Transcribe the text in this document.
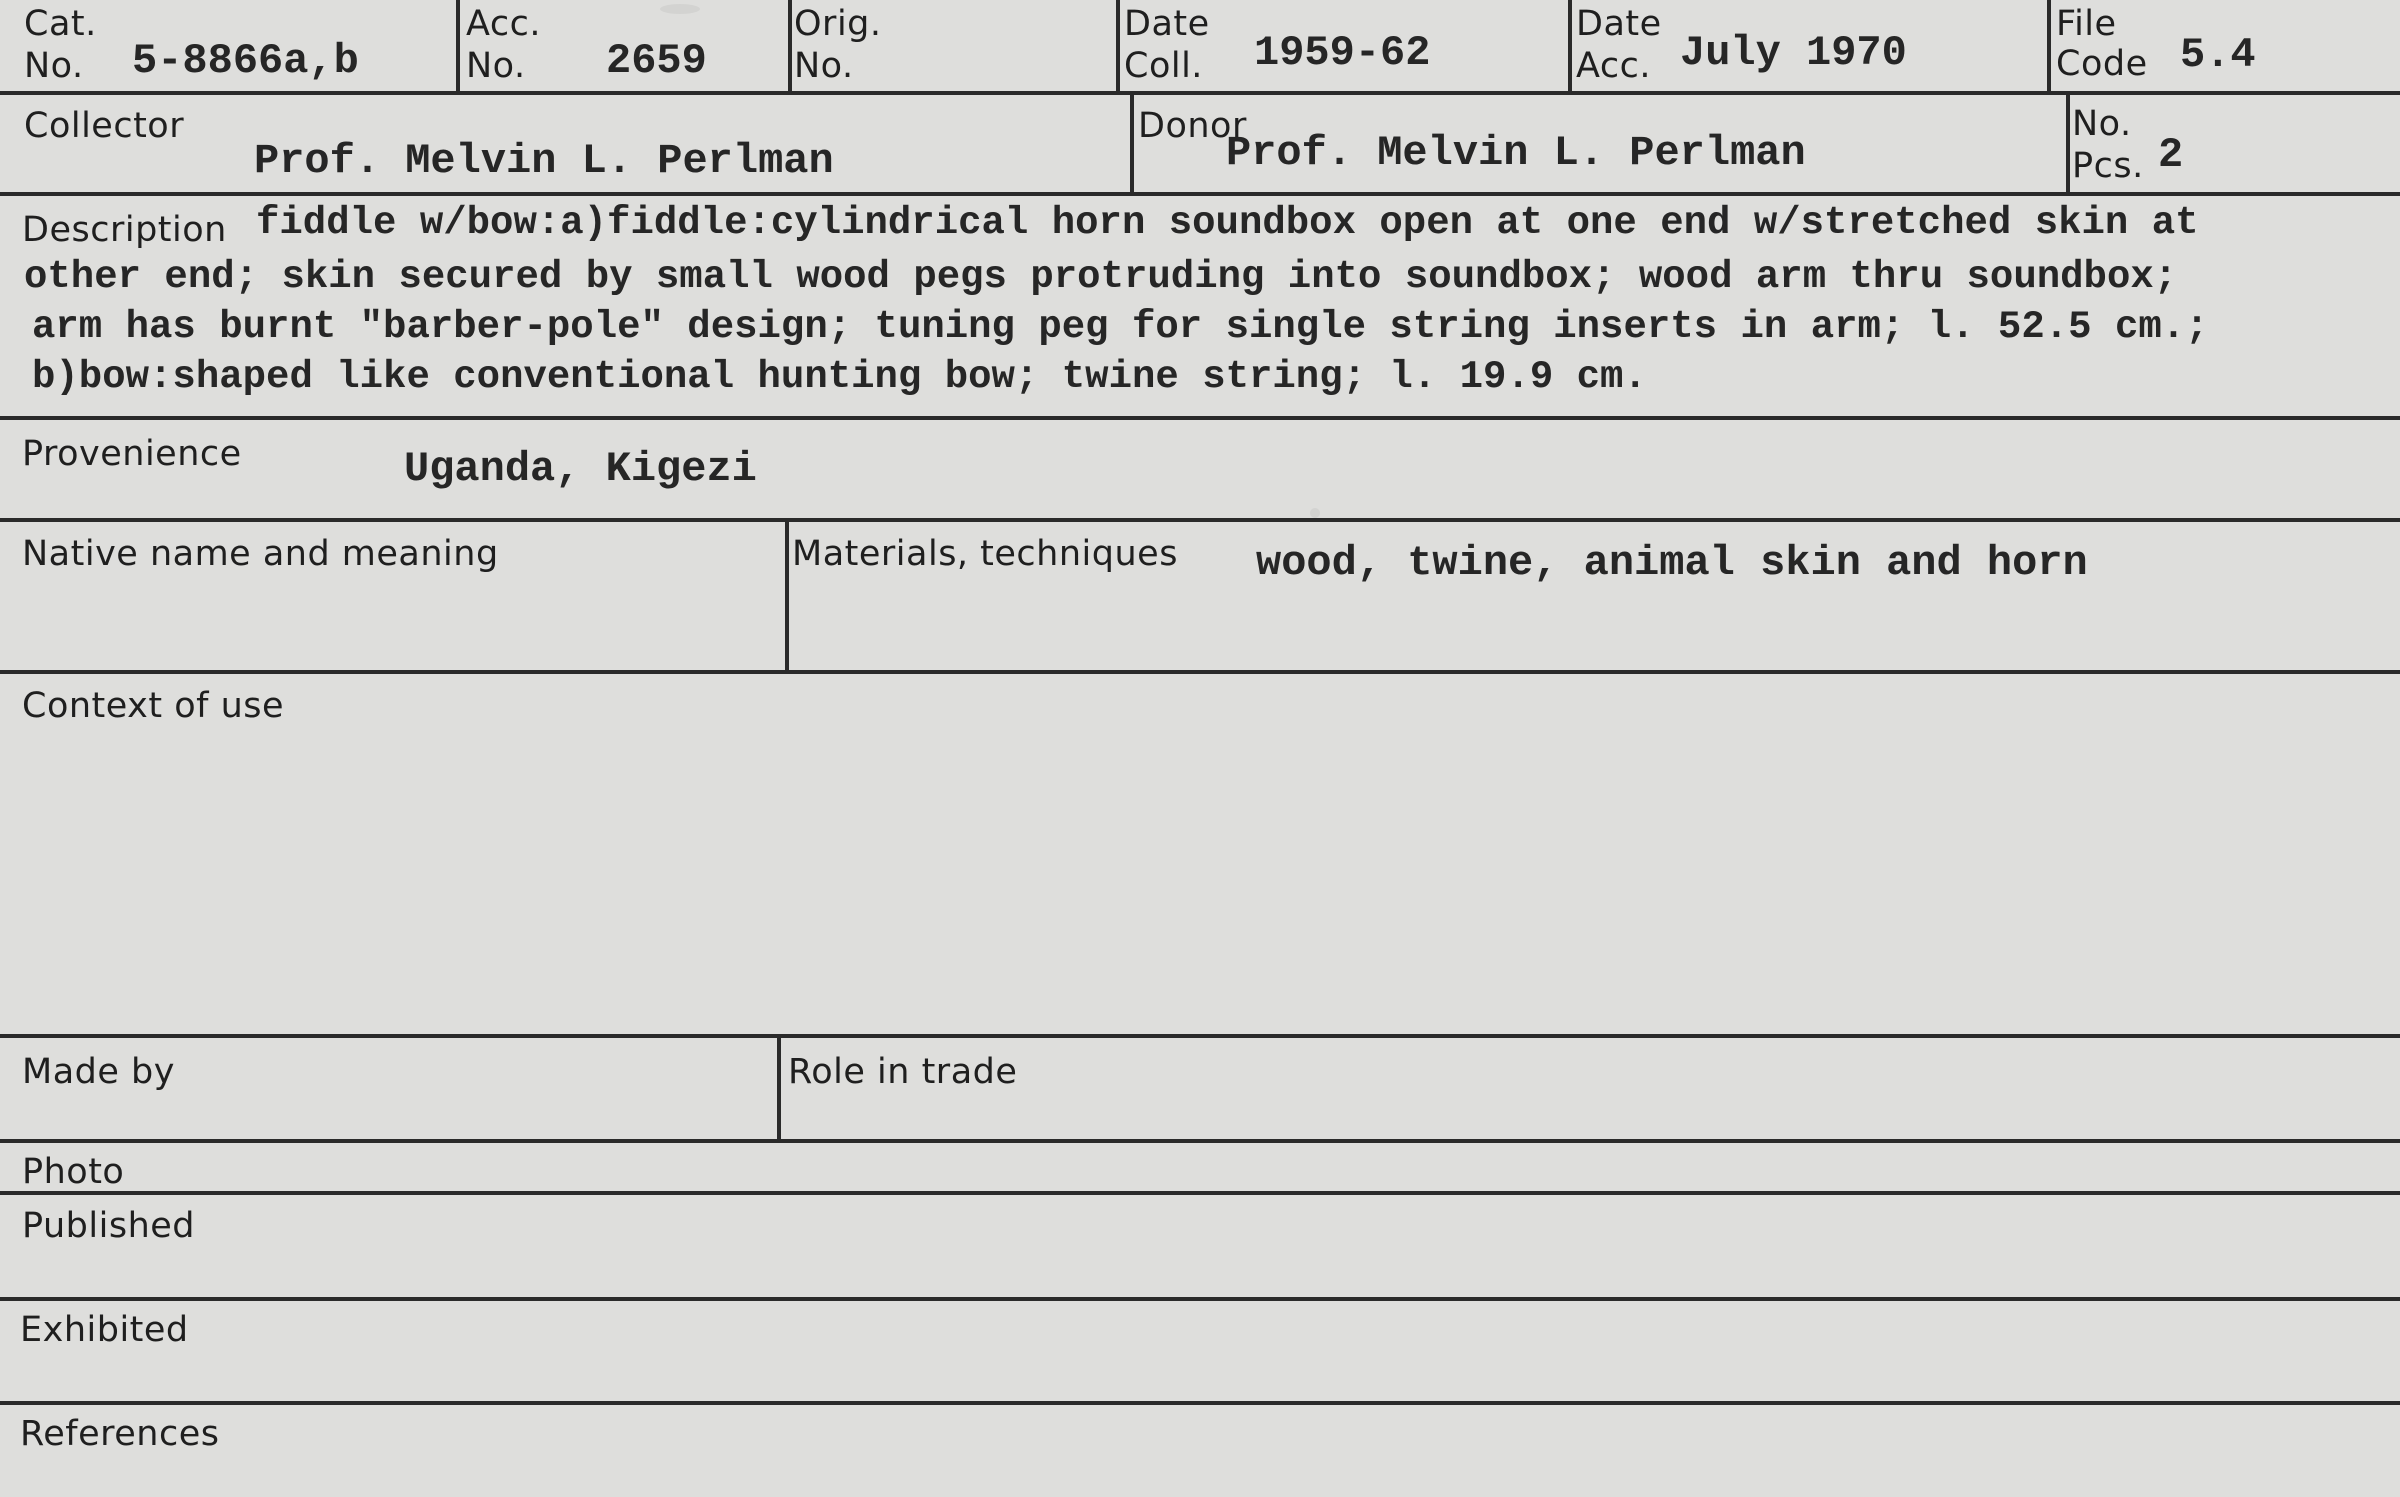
Cat.
No. 5-8866a,b
Acc.
No. 2659
Orig.
No.
Date
Coll. 1959-62
Date
Acc. July 1970
File
Code 5.4
Collector
Prof. Melvin L. Perlman
Donor
Prof. Melvin L. Perlman
No.
Pcs. 2
Description fiddle w/bow:a)fiddle:cylindrical horn soundbox open at one end w/stretched skin at
other end; skin secured by small wood pegs protruding into soundbox; wood arm thru soundbox;
arm has burnt "barber-pole" design; tuning peg for single string inserts in arm; l. 52.5 cm.;
b)bow:shaped like conventional hunting bow; twine string; l. 19.9 cm.
Provenience	Uganda, Kigezi
Native name and meaning	Materials, techniques wood, twine, animal skin and horn
Context of use
Made by	Role in trade
Photo
Published
Exhibited
References
